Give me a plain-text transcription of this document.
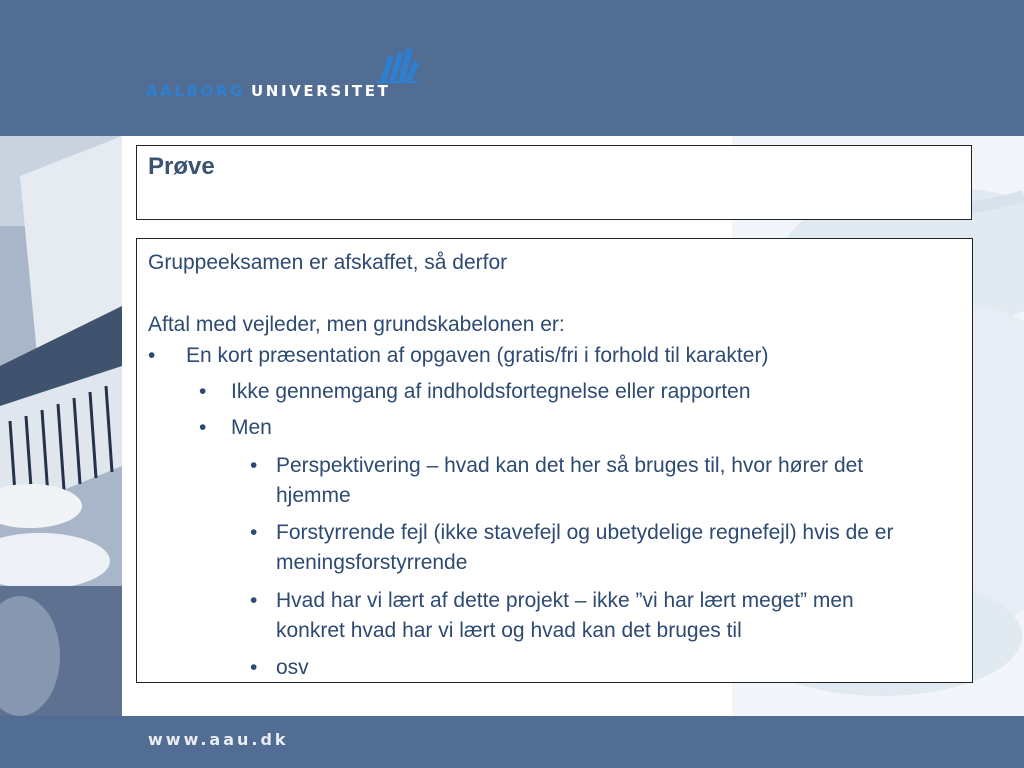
AALBORG UNIVERSITET
Prøve
Gruppeeksamen er afskaffet, så derfor
Aftal med vejleder, men grundskabelonen er:
• En kort præsentation af opgaven (gratis/fri i forhold til karakter)
• Ikke gennemgang af indholdsfortegnelse eller rapporten
• Men
• Perspektivering – hvad kan det her så bruges til, hvor hører det
hjemme
• Forstyrrende fejl (ikke stavefejl og ubetydelige regnefejl) hvis de er
meningsforstyrrende
• Hvad har vi lært af dette projekt – ikke ”vi har lært meget” men
konkret hvad har vi lært og hvad kan det bruges til
• osv
www.aau.dk
